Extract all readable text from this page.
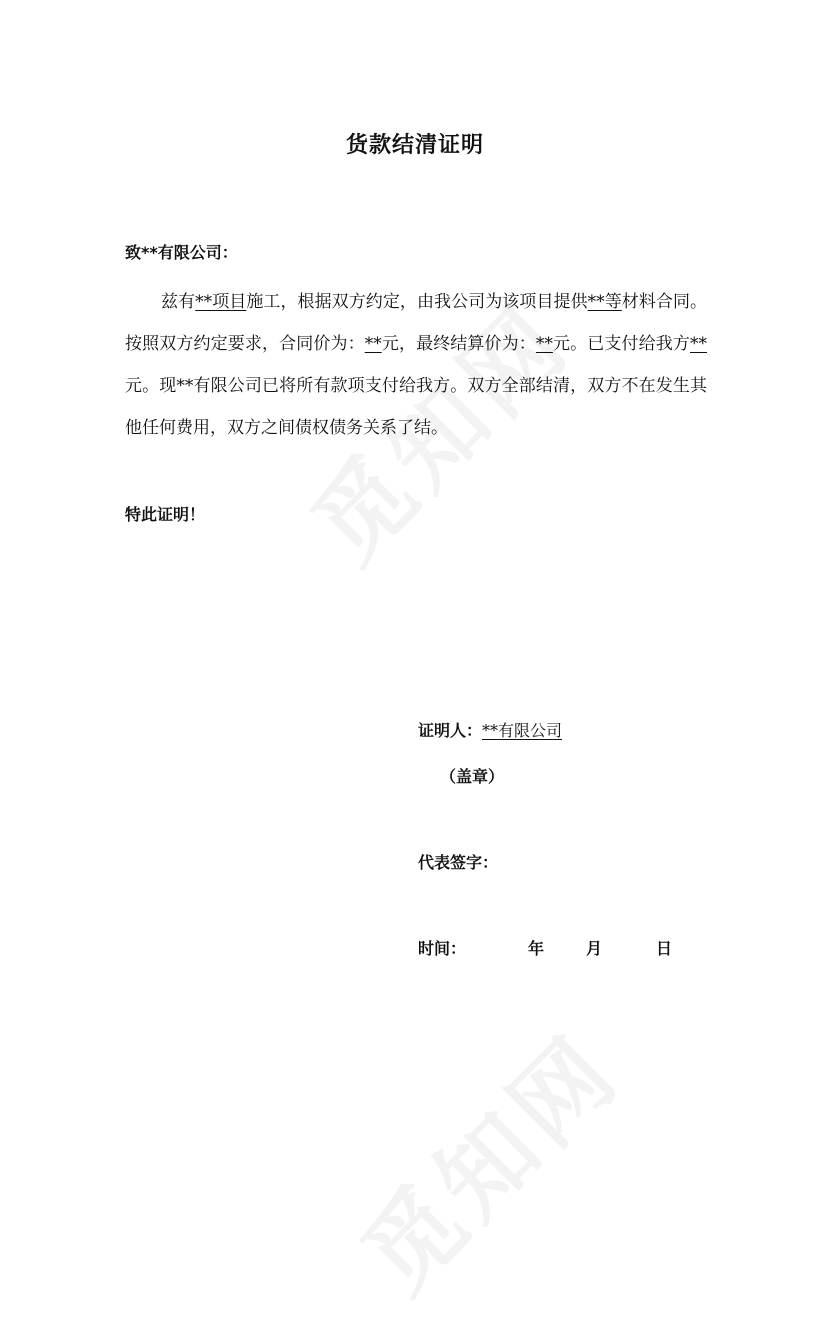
货款结清证明
致**有限公司：
兹有**项目施工，根据双方约定，由我公司为该项目提供**等材料合同。按照双方约定要求，合同价为：**元，最终结算价为：**元。已支付给我方**元。现**有限公司已将所有款项支付给我方。双方全部结清，双方不在发生其他任何费用，双方之间债权债务关系了结。
特此证明！
证明人：**有限公司
（盖章）
代表签字：
时间：	年	月	日
